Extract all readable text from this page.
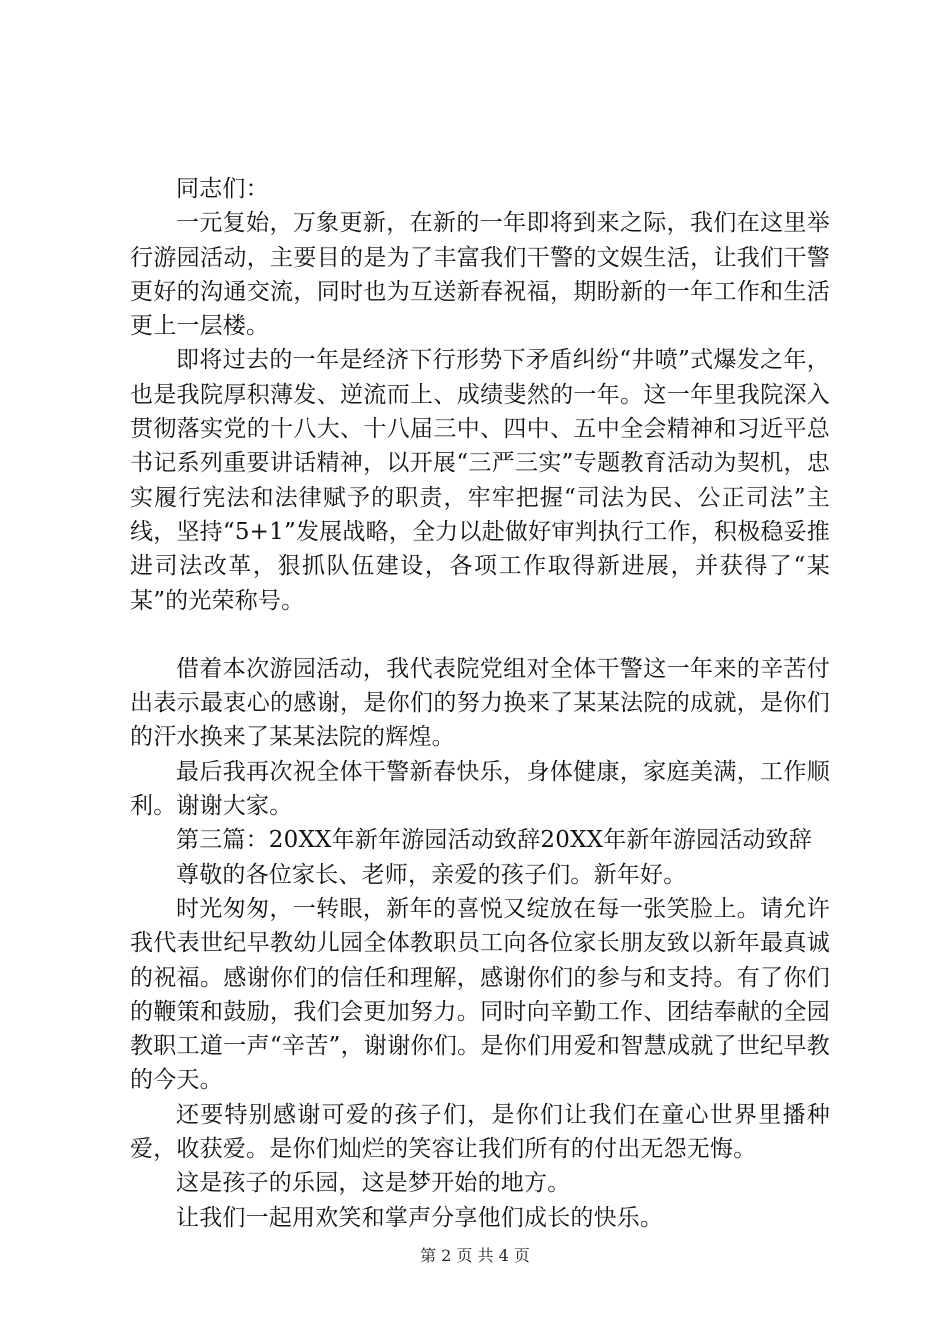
同志们：

一元复始，万象更新，在新的一年即将到来之际，我们在这里举行游园活动，主要目的是为了丰富我们干警的文娱生活，让我们干警更好的沟通交流，同时也为互送新春祝福，期盼新的一年工作和生活更上一层楼。

即将过去的一年是经济下行形势下矛盾纠纷“井喷”式爆发之年，也是我院厚积薄发、逆流而上、成绩斐然的一年。这一年里我院深入贯彻落实党的十八大、十八届三中、四中、五中全会精神和习近平总书记系列重要讲话精神，以开展“三严三实”专题教育活动为契机，忠实履行宪法和法律赋予的职责，牢牢把握“司法为民、公正司法”主线，坚持“5+1”发展战略，全力以赴做好审判执行工作，积极稳妥推进司法改革，狠抓队伍建设，各项工作取得新进展，并获得了“某某”的光荣称号。

借着本次游园活动，我代表院党组对全体干警这一年来的辛苦付出表示最衷心的感谢，是你们的努力换来了某某法院的成就，是你们的汗水换来了某某法院的辉煌。

最后我再次祝全体干警新春快乐，身体健康，家庭美满，工作顺利。谢谢大家。

第三篇：20XX年新年游园活动致辞20XX年新年游园活动致辞

尊敬的各位家长、老师，亲爱的孩子们。新年好。

时光匆匆，一转眼，新年的喜悦又绽放在每一张笑脸上。请允许我代表世纪早教幼儿园全体教职员工向各位家长朋友致以新年最真诚的祝福。感谢你们的信任和理解，感谢你们的参与和支持。有了你们的鞭策和鼓励，我们会更加努力。同时向辛勤工作、团结奉献的全园教职工道一声“辛苦”，谢谢你们。是你们用爱和智慧成就了世纪早教的今天。

还要特别感谢可爱的孩子们，是你们让我们在童心世界里播种爱，收获爱。是你们灿烂的笑容让我们所有的付出无怨无悔。

这是孩子的乐园，这是梦开始的地方。

让我们一起用欢笑和掌声分享他们成长的快乐。

第 2 页 共 4 页
